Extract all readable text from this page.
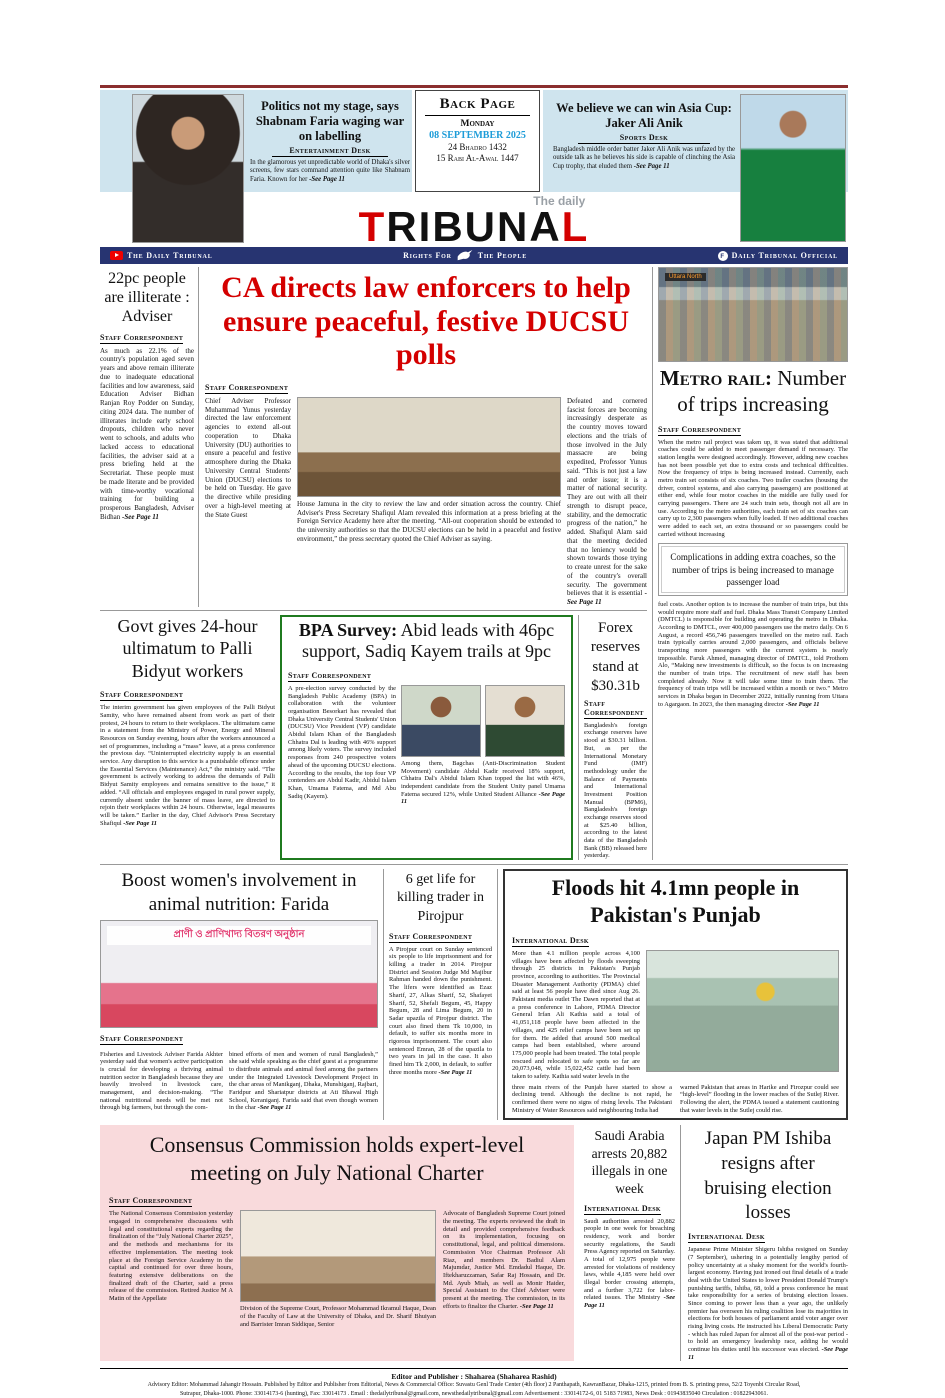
Politics not my stage, says Shabnam Faria waging war on labelling
Entertainment Desk

In the glamorous yet unpredictable world of Dhaka's silver screens, few stars command attention quite like Shabnam Faria. Known for her -See Page 11

Back Page
Monday
08 SEPTEMBER 2025
24 Bhadro 1432
15 Rabi Al-Awal 1447
We believe we can win Asia Cup: Jaker Ali Anik
Sports Desk

Bangladesh middle order batter Jaker Ali Anik was unfazed by the outside talk as he believes his side is capable of clinching the Asia Cup trophy, that eluded them -See Page 11

The daily
TRIBUNAL
The Daily Tribunal	Rights For	The People	f Daily Tribunal Official
22pc people are illiterate : Adviser
Staff Correspondent

As much as 22.1% of the country's population aged seven years and above remain illiterate due to inadequate educational facilities and low awareness, said Education Adviser Bidhan Ranjan Roy Podder on Sunday, citing 2024 data. The number of illiterates include early school dropouts, children who never went to schools, and adults who lacked access to educational facilities, the adviser said at a press briefing held at the Secretariat. These people must be made literate and be provided with time-worthy vocational training for building a prosperous Bangladesh, Adviser Bidhan -See Page 11

CA directs law enforcers to help ensure peaceful, festive DUCSU polls
Staff Correspondent

Chief Adviser Professor Muhammad Yunus yesterday directed the law enforcement agencies to extend all-out cooperation to Dhaka University (DU) authorities to ensure a peaceful and festive atmosphere during the Dhaka University Central Students' Union (DUCSU) elections to be held on Tuesday. He gave the directive while presiding over a high-level meeting at the State Guest

House Jamuna in the city to review the law and order situation across the country. Chief Adviser's Press Secretary Shafiqul Alam revealed this information at a press briefing at the Foreign Service Academy here after the meeting. “All-out cooperation should be extended to the university authorities so that the DUCSU elections can be held in a peaceful and festive environment,” the press secretary quoted the Chief Adviser as saying.

Defeated and cornered fascist forces are becoming increasingly desperate as the country moves toward elections and the trials of those involved in the July massacre are being expedited, Professor Yunus said. “This is not just a law and order issue; it is a matter of national security. They are out with all their strength to disrupt peace, stability, and the democratic progress of the nation,” he added. Shafiqul Alam said that the meeting decided that no leniency would be shown towards those trying to create unrest for the sake of the country's overall security. The government believes that it is essential -See Page 11

Govt gives 24-hour ultimatum to Palli Bidyut workers
Staff Correspondent

The interim government has given employees of the Palli Bidyut Samity, who have remained absent from work as part of their protest, 24 hours to return to their workplaces. The ultimatum came in a statement from the Ministry of Power, Energy and Mineral Resources on Sunday evening, hours after the workers announced a set of programmes, including a “mass” leave, at a press conference the previous day. “Uninterrupted electricity supply is an essential service. Any disruption to this service is a punishable offence under the Essential Services (Maintenance) Act,” the ministry said. “The government is actively working to address the demands of Palli Bidyut Samity employees and remains sensitive to the issue,” it added. “All officials and employees engaged in rural power supply, currently absent under the banner of mass leave, are directed to rejoin their workplaces within 24 hours. Otherwise, legal measures will be taken.” Earlier in the day, Chief Advisor's Press Secretary Shafiqul -See Page 11

BPA Survey: Abid leads with 46pc support, Sadiq Kayem trails at 9pc
Staff Correspondent

A pre-election survey conducted by the Bangladesh Public Academy (BPA) in collaboration with the volunteer organisation Besorkari has revealed that Dhaka University Central Students' Union (DUCSU) Vice President (VP) candidate Abidul Islam Khan of the Bangladesh Chhatra Dal is leading with 46% support among likely voters. The survey included responses from 240 prospective voters ahead of the upcoming DUCSU elections. According to the results, the top four VP contenders are Abdul Kadir, Abidul Islam Khan, Umama Fatema, and Md Abu Sadiq (Kayem).

Among them, Bagchas (Anti-Discrimination Student Movement) candidate Abdul Kadir received 18% support, Chhatra Dal's Abidul Islam Khan topped the list with 46%, independent candidate from the Student Unity panel Umama Fatema secured 12%, while United Student Alliance -See Page 11

Forex reserves stand at $30.31b
Staff Correspondent

Bangladesh's foreign exchange reserves have stood at $30.31 billion. But, as per the International Monetary Fund (IMF) methodology under the Balance of Payments and International Investment Position Manual (BPM6), Bangladesh's foreign exchange reserves stood at $25.40 billion, according to the latest data of the Bangladesh Bank (BB) released here yesterday.

Uttara North
Metro rail: Number of trips increasing
Staff Correspondent

When the metro rail project was taken up, it was stated that additional coaches could be added to meet passenger demand if necessary. The station lengths were designed accordingly. However, adding new coaches has not been possible yet due to extra costs and technical difficulties. Now the frequency of trips is being increased instead. Currently, each metro train set consists of six coaches. Two trailer coaches (housing the driver, control systems, and also carrying passengers) are positioned at either end, while four motor coaches in the middle are fully used for carrying passengers. There are 24 such train sets, though not all are in use. According to the metro authorities, each train set of six coaches can carry up to 2,300 passengers when fully loaded. If two additional coaches were added to each set, an extra thousand or so passengers could be carried without increasing

Complications in adding extra coaches, so the number of trips is being increased to manage passenger load

fuel costs. Another option is to increase the number of train trips, but this would require more staff and fuel. Dhaka Mass Transit Company Limited (DMTCL) is responsible for building and operating the metro in Dhaka. According to DMTCL, over 400,000 passengers use the metro daily. On 6 August, a record 456,746 passengers travelled on the metro rail. Each train typically carries around 2,000 passengers, and officials believe transporting more passengers with the current system is nearly impossible. Faruk Ahmed, managing director of DMTCL, told Prothom Alo, “Making new investments is difficult, so the focus is on increasing the number of train trips. The recruitment of new staff has been completed already. Now it will take some time to train them. The frequency of train trips will be increased within a month or two.” Metro services in Dhaka began in December 2022, initially running from Uttara to Agargaon. In 2023, the then managing director -See Page 11

Boost women's involvement in animal nutrition: Farida
প্রাণী ও প্রাণিখাদ্য বিতরণ অনুষ্ঠান
Staff Correspondent

Fisheries and Livestock Adviser Farida Akhter yesterday said that women's active participation is crucial for developing a thriving animal nutrition sector in Bangladesh because they are heavily involved in livestock care, management, and decision-making. “The national nutritional needs will be met not through big farmers, but through the com-

bined efforts of men and women of rural Bangladesh,” she said while speaking as the chief guest at a programme to distribute animals and animal feed among the partners under the Integrated Livestock Development Project in the char areas of Manikganj, Dhaka, Munshiganj, Rajbari, Faridpur and Shariatpur districts at Ati Bhawal High School, Keraniganj. Farida said that even though women in the char -See Page 11

6 get life for killing trader in Pirojpur
Staff Correspondent

A Pirojpur court on Sunday sentenced six people to life imprisonment and for killing a trader in 2014. Pirojpur District and Session Judge Md Majibur Rahman handed down the punishment. The lifers were identified as Ezaz Sharif, 27, Alkas Sharif, 52, Shafayet Sharif, 52, Shefali Begum, 45, Happy Begum, 28 and Lima Begum, 20 in Sadar upazila of Pirojpur district. The court also fined them Tk 10,000, in default, to suffer six months more in rigorous imprisonment. The court also sentenced Emran, 28 of the upazila to two years in jail in the case. It also fined him Tk 2,000, in default, to suffer three months more -See Page 11

Floods hit 4.1mn people in Pakistan's Punjab
International Desk

More than 4.1 million people across 4,100 villages have been affected by floods sweeping through 25 districts in Pakistan's Punjab province, according to authorities. The Provincial Disaster Management Authority (PDMA) chief said at least 56 people have died since Aug 26. Pakistani media outlet The Dawn reported that at a press conference in Lahore, PDMA Director General Irfan Ali Kathia said a total of 41,051,118 people have been affected in the villages, and 425 relief camps have been set up for them. He added that around 500 medical camps had been established, where around 175,000 people had been treated. The total people rescued and relocated to safe spots so far are 20,073,048, while 15,022,452 cattle had been taken to safety. Kathia said water levels in the

three main rivers of the Punjab have started to show a declining trend. Although the decline is not rapid, he confirmed there were no signs of rising levels. The Pakistani Ministry of Water Resources said neighbouring India had

warned Pakistan that areas in Harike and Firozpur could see “high-level” flooding in the lower reaches of the Sutlej River. Following the alert, the PDMA issued a statement cautioning that water levels in the Sutlej could rise.

Consensus Commission holds expert-level meeting on July National Charter
Staff Correspondent

The National Consensus Commission yesterday engaged in comprehensive discussions with legal and constitutional experts regarding the finalization of the “July National Charter 2025”, and the methods and mechanisms for its effective implementation. The meeting took place at the Foreign Service Academy in the capital and continued for over three hours, featuring extensive deliberations on the finalized draft of the Charter, said a press release of the commission. Retired Justice M A Matin of the Appellate

Division of the Supreme Court, Professor Mohammad Ikramul Haque, Dean of the Faculty of Law at the University of Dhaka, and Dr. Sharif Bhuiyan and Barrister Imran Siddique, Senior

Advocate of Bangladesh Supreme Court joined the meeting. The experts reviewed the draft in detail and provided comprehensive feedback on its implementation, focusing on constitutional, legal, and political dimensions. Commission Vice Chairman Professor Ali Riaz, and members Dr. Badiul Alam Majumdar, Justice Md. Emdadul Haque, Dr. Iftekharuzzaman, Safar Raj Hossain, and Dr. Md. Ayub Miah, as well as Monir Haider, Special Assistant to the Chief Adviser were present at the meeting. The commission, in its efforts to finalize the Charter. -See Page 11

Saudi Arabia arrests 20,882 illegals in one week
International Desk

Saudi authorities arrested 20,882 people in one week for breaching residency, work and border security regulations, the Saudi Press Agency reported on Saturday. A total of 12,975 people were arrested for violations of residency laws, while 4,185 were held over illegal border crossing attempts, and a further 3,722 for labor-related issues. The Ministry -See Page 11

Japan PM Ishiba resigns after bruising election losses
International Desk

Japanese Prime Minister Shigeru Ishiba resigned on Sunday (7 September), ushering in a potentially lengthy period of policy uncertainty at a shaky moment for the world's fourth-largest economy. Having just ironed out final details of a trade deal with the United States to lower President Donald Trump's punishing tariffs, Ishiba, 68, told a press conference he must take responsibility for a series of bruising election losses. Since coming to power less than a year ago, the unlikely premier has overseen his ruling coalition lose its majorities in elections for both houses of parliament amid voter anger over rising living costs. He instructed his Liberal Democratic Party - which has ruled Japan for almost all of the post-war period - to hold an emergency leadership race, adding he would continue his duties until his successor was elected. -See Page 11

Editor and Publisher : Shaharea (Shaharea Rashid)
Advisory Editor: Mohammad Jahangir Hossain. Published by Editor and Publisher from Editorial, News & Commercial Office: Suvastu Genl Trade Center (4th floor) 2 Panthapath, KawranBazar, Dhaka-1215, printed from B. S. printing press, 52/2 Toyenbi Circular Road,
Sutrapur, Dhaka-1000. Phone: 33014173-6 (hunting), Fax: 33014173 . Email : thedailytribunal@gmail.com, newsthedailytribunal@gmail.com Advertisement : 33014172-6, 01 5183 71983, News Desk : 01943835040 Circulation : 01822943061.
